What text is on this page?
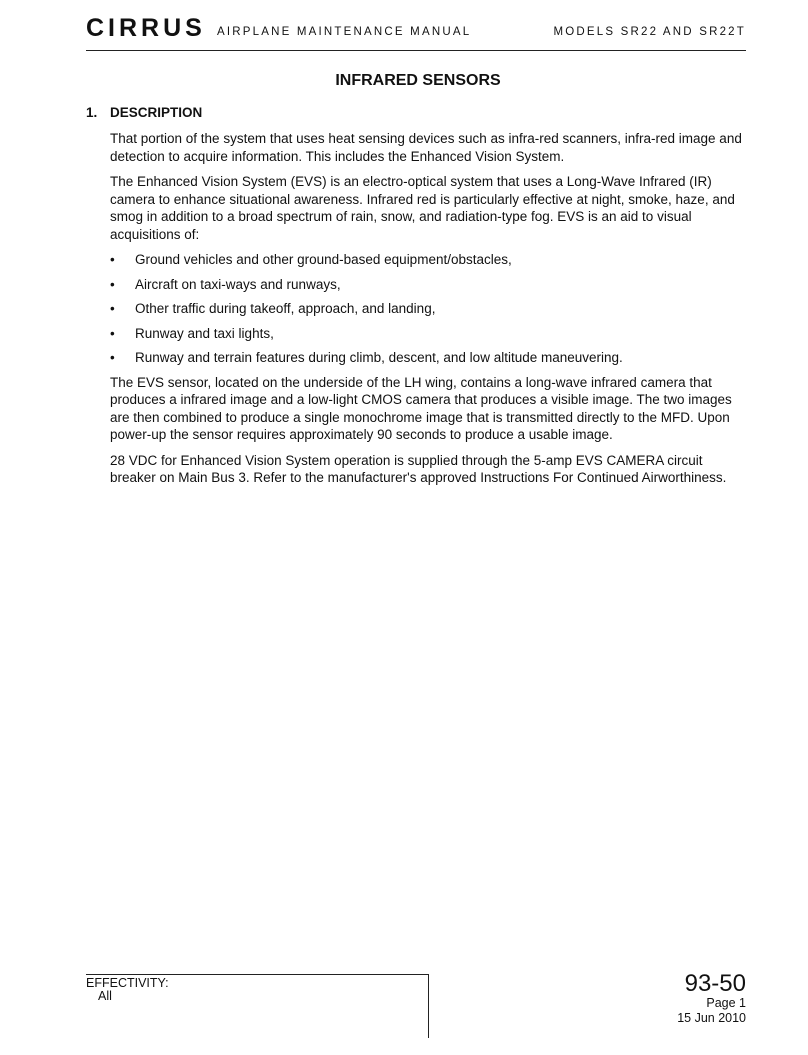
CIRRUS AIRPLANE MAINTENANCE MANUAL	MODELS SR22 AND SR22T
INFRARED SENSORS
1. DESCRIPTION

That portion of the system that uses heat sensing devices such as infra-red scanners, infra-red image and detection to acquire information. This includes the Enhanced Vision System.

The Enhanced Vision System (EVS) is an electro-optical system that uses a Long-Wave Infrared (IR) camera to enhance situational awareness. Infrared red is particularly effective at night, smoke, haze, and smog in addition to a broad spectrum of rain, snow, and radiation-type fog. EVS is an aid to visual acquisitions of:

• Ground vehicles and other ground-based equipment/obstacles,
• Aircraft on taxi-ways and runways,
• Other traffic during takeoff, approach, and landing,
• Runway and taxi lights,
• Runway and terrain features during climb, descent, and low altitude maneuvering.

The EVS sensor, located on the underside of the LH wing, contains a long-wave infrared camera that produces a infrared image and a low-light CMOS camera that produces a visible image. The two images are then combined to produce a single monochrome image that is transmitted directly to the MFD. Upon power-up the sensor requires approximately 90 seconds to produce a usable image.

28 VDC for Enhanced Vision System operation is supplied through the 5-amp EVS CAMERA circuit breaker on Main Bus 3. Refer to the manufacturer's approved Instructions For Continued Airworthiness.

EFFECTIVITY:
All	93-50
Page 1
15 Jun 2010
